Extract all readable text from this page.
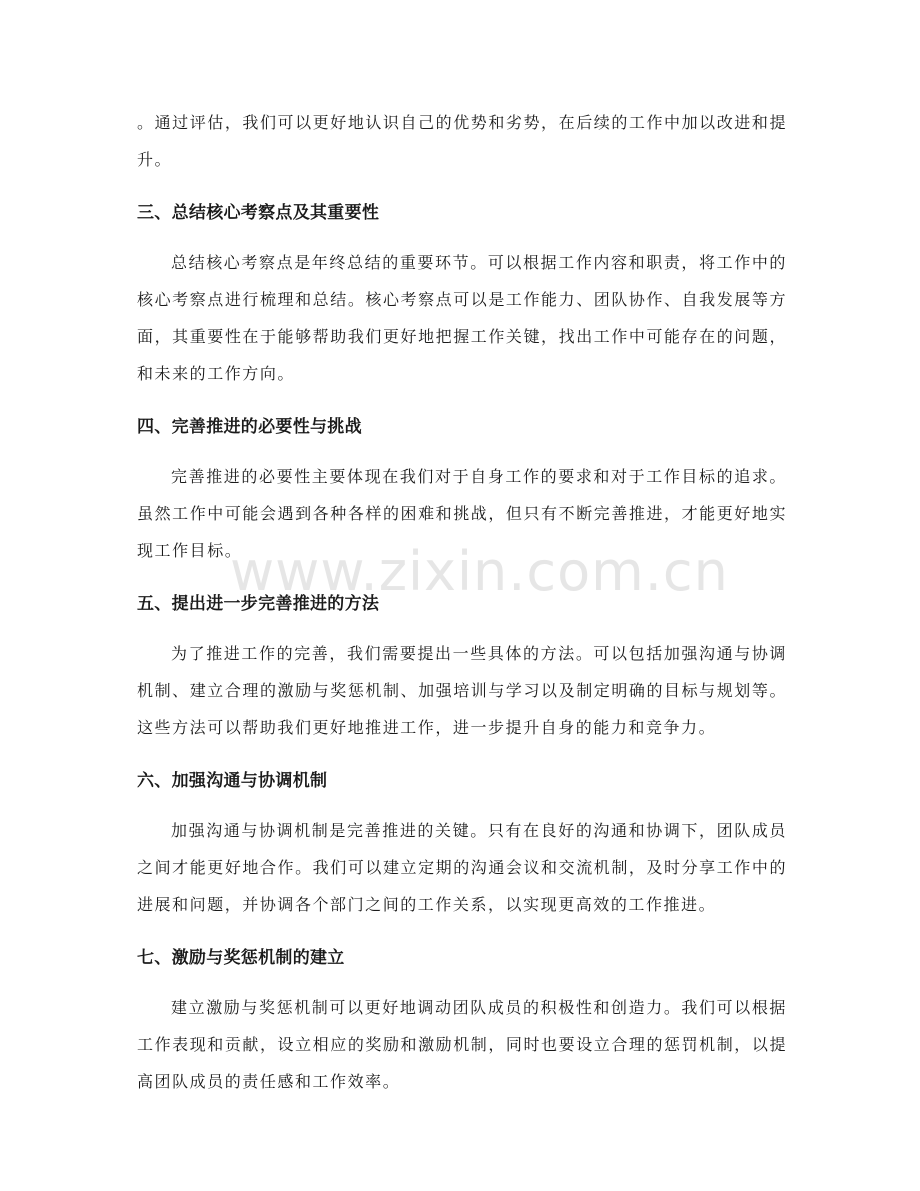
www.zixin.com.cn

。通过评估，我们可以更好地认识自己的优势和劣势，在后续的工作中加以改进和提升。

三、总结核心考察点及其重要性

总结核心考察点是年终总结的重要环节。可以根据工作内容和职责，将工作中的核心考察点进行梳理和总结。核心考察点可以是工作能力、团队协作、自我发展等方面，其重要性在于能够帮助我们更好地把握工作关键，找出工作中可能存在的问题，和未来的工作方向。

四、完善推进的必要性与挑战

完善推进的必要性主要体现在我们对于自身工作的要求和对于工作目标的追求。虽然工作中可能会遇到各种各样的困难和挑战，但只有不断完善推进，才能更好地实现工作目标。

五、提出进一步完善推进的方法

为了推进工作的完善，我们需要提出一些具体的方法。可以包括加强沟通与协调机制、建立合理的激励与奖惩机制、加强培训与学习以及制定明确的目标与规划等。这些方法可以帮助我们更好地推进工作，进一步提升自身的能力和竞争力。

六、加强沟通与协调机制

加强沟通与协调机制是完善推进的关键。只有在良好的沟通和协调下，团队成员之间才能更好地合作。我们可以建立定期的沟通会议和交流机制，及时分享工作中的进展和问题，并协调各个部门之间的工作关系，以实现更高效的工作推进。

七、激励与奖惩机制的建立

建立激励与奖惩机制可以更好地调动团队成员的积极性和创造力。我们可以根据工作表现和贡献，设立相应的奖励和激励机制，同时也要设立合理的惩罚机制，以提高团队成员的责任感和工作效率。
